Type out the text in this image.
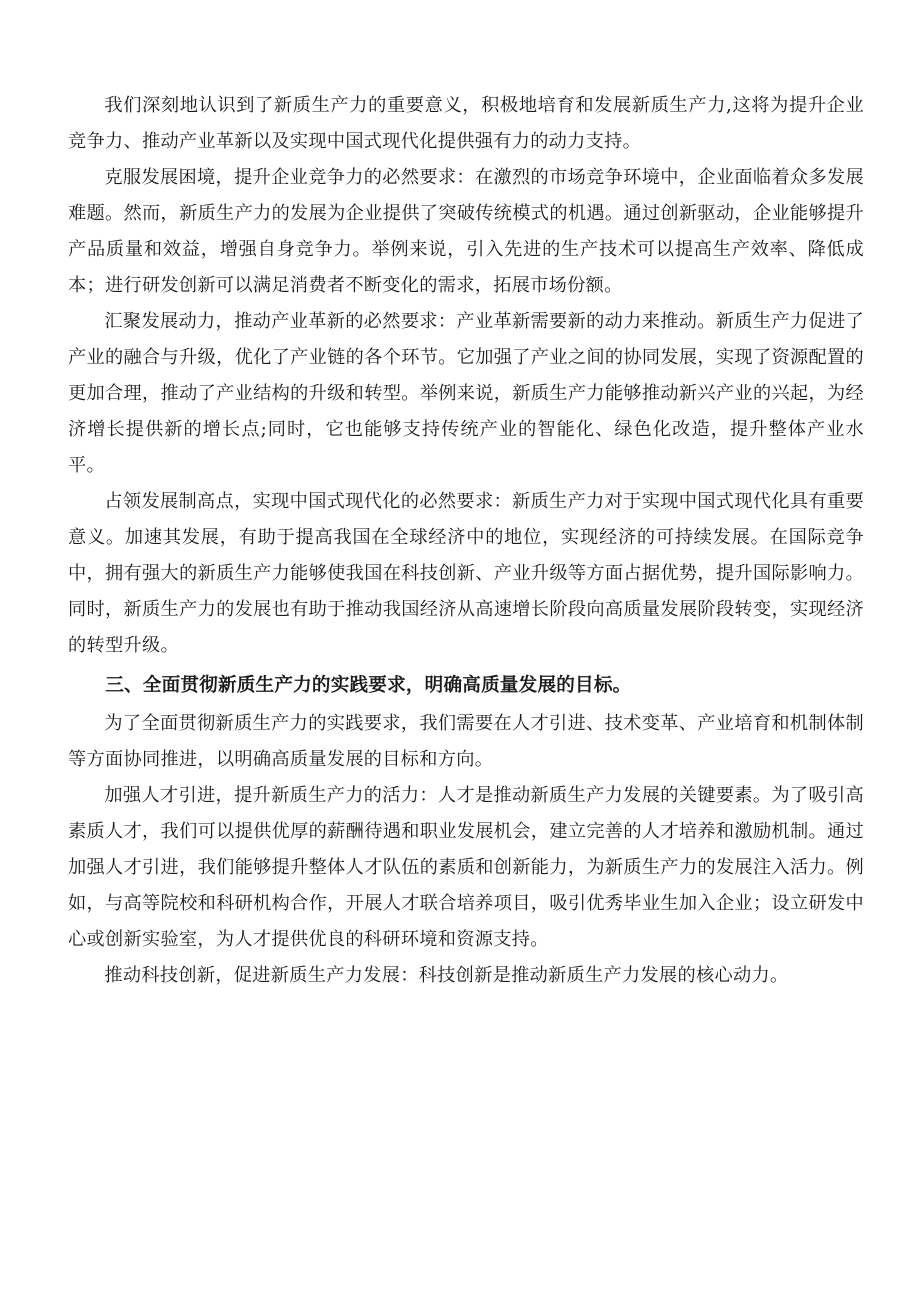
我们深刻地认识到了新质生产力的重要意义，积极地培育和发展新质生产力,这将为提升企业竞争力、推动产业革新以及实现中国式现代化提供强有力的动力支持。

克服发展困境，提升企业竞争力的必然要求：在激烈的市场竞争环境中，企业面临着众多发展难题。然而，新质生产力的发展为企业提供了突破传统模式的机遇。通过创新驱动，企业能够提升产品质量和效益，增强自身竞争力。举例来说，引入先进的生产技术可以提高生产效率、降低成本；进行研发创新可以满足消费者不断变化的需求，拓展市场份额。

汇聚发展动力，推动产业革新的必然要求：产业革新需要新的动力来推动。新质生产力促进了产业的融合与升级，优化了产业链的各个环节。它加强了产业之间的协同发展，实现了资源配置的更加合理，推动了产业结构的升级和转型。举例来说，新质生产力能够推动新兴产业的兴起，为经济增长提供新的增长点;同时，它也能够支持传统产业的智能化、绿色化改造，提升整体产业水平。

占领发展制高点，实现中国式现代化的必然要求：新质生产力对于实现中国式现代化具有重要意义。加速其发展，有助于提高我国在全球经济中的地位，实现经济的可持续发展。在国际竞争中，拥有强大的新质生产力能够使我国在科技创新、产业升级等方面占据优势，提升国际影响力。同时，新质生产力的发展也有助于推动我国经济从高速增长阶段向高质量发展阶段转变，实现经济的转型升级。

三、全面贯彻新质生产力的实践要求，明确高质量发展的目标。

为了全面贯彻新质生产力的实践要求，我们需要在人才引进、技术变革、产业培育和机制体制等方面协同推进，以明确高质量发展的目标和方向。

加强人才引进，提升新质生产力的活力：人才是推动新质生产力发展的关键要素。为了吸引高素质人才，我们可以提供优厚的薪酬待遇和职业发展机会，建立完善的人才培养和激励机制。通过加强人才引进，我们能够提升整体人才队伍的素质和创新能力，为新质生产力的发展注入活力。例如，与高等院校和科研机构合作，开展人才联合培养项目，吸引优秀毕业生加入企业；设立研发中心或创新实验室，为人才提供优良的科研环境和资源支持。

推动科技创新，促进新质生产力发展：科技创新是推动新质生产力发展的核心动力。
